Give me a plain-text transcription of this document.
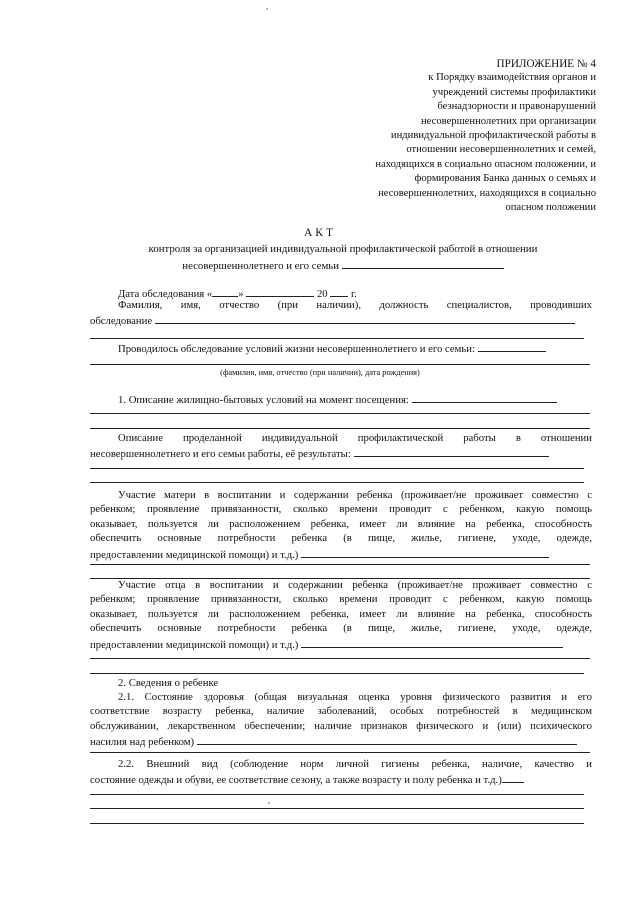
ПРИЛОЖЕНИЕ № 4
к Порядку взаимодействия органов и
учреждений системы профилактики
безнадзорности и правонарушений
несовершеннолетних при организации
индивидуальной профилактической работы в
отношении несовершеннолетних и семей,
находящихся в социально опасном положении, и
формирования Банка данных о семьях и
несовершеннолетних, находящихся в социально
опасном положении
АКТ
контроля за организацией индивидуальной профилактической работой в отношении
несовершеннолетнего и его семьи
Дата обследования « »	20 г.
Фамилия, имя, отчество (при наличии), должность специалистов, проводивших
обследование
Проводилось обследование условий жизни несовершеннолетнего и его семьи:
(фамилия, имя, отчество (при наличии), дата рождения)
1. Описание жилищно-бытовых условий на момент посещения:
Описание проделанной индивидуальной профилактической работы в отношении
несовершеннолетнего и его семьи работы, её результаты:
Участие матери в воспитании и содержании ребенка (проживает/не проживает совместно с
ребенком; проявление привязанности, сколько времени проводит с ребенком, какую помощь
оказывает, пользуется ли расположением ребенка, имеет ли влияние на ребенка, способность
обеспечить основные потребности ребенка (в пище, жилье, гигиене, уходе, одежде,
предоставлении медицинской помощи) и т.д.)
Участие отца в воспитании и содержании ребенка (проживает/не проживает совместно с
ребенком; проявление привязанности, сколько времени проводит с ребенком, какую помощь
оказывает, пользуется ли расположением ребенка, имеет ли влияние на ребенка, способность
обеспечить основные потребности ребенка (в пище, жилье, гигиене, уходе, одежде,
предоставлении медицинской помощи) и т.д.)
2. Сведения о ребенке
2.1. Состояние здоровья (общая визуальная оценка уровня физического развития и его
соответствие возрасту ребенка, наличие заболеваний, особых потребностей в медицинском
обслуживании, лекарственном обеспечении; наличие признаков физического и (или) психического
насилия над ребенком)
2.2. Внешний вид (соблюдение норм личной гигиены ребенка, наличие, качество и
состояние одежды и обуви, ее соответствие сезону, а также возрасту и полу ребенка и т.д.)
